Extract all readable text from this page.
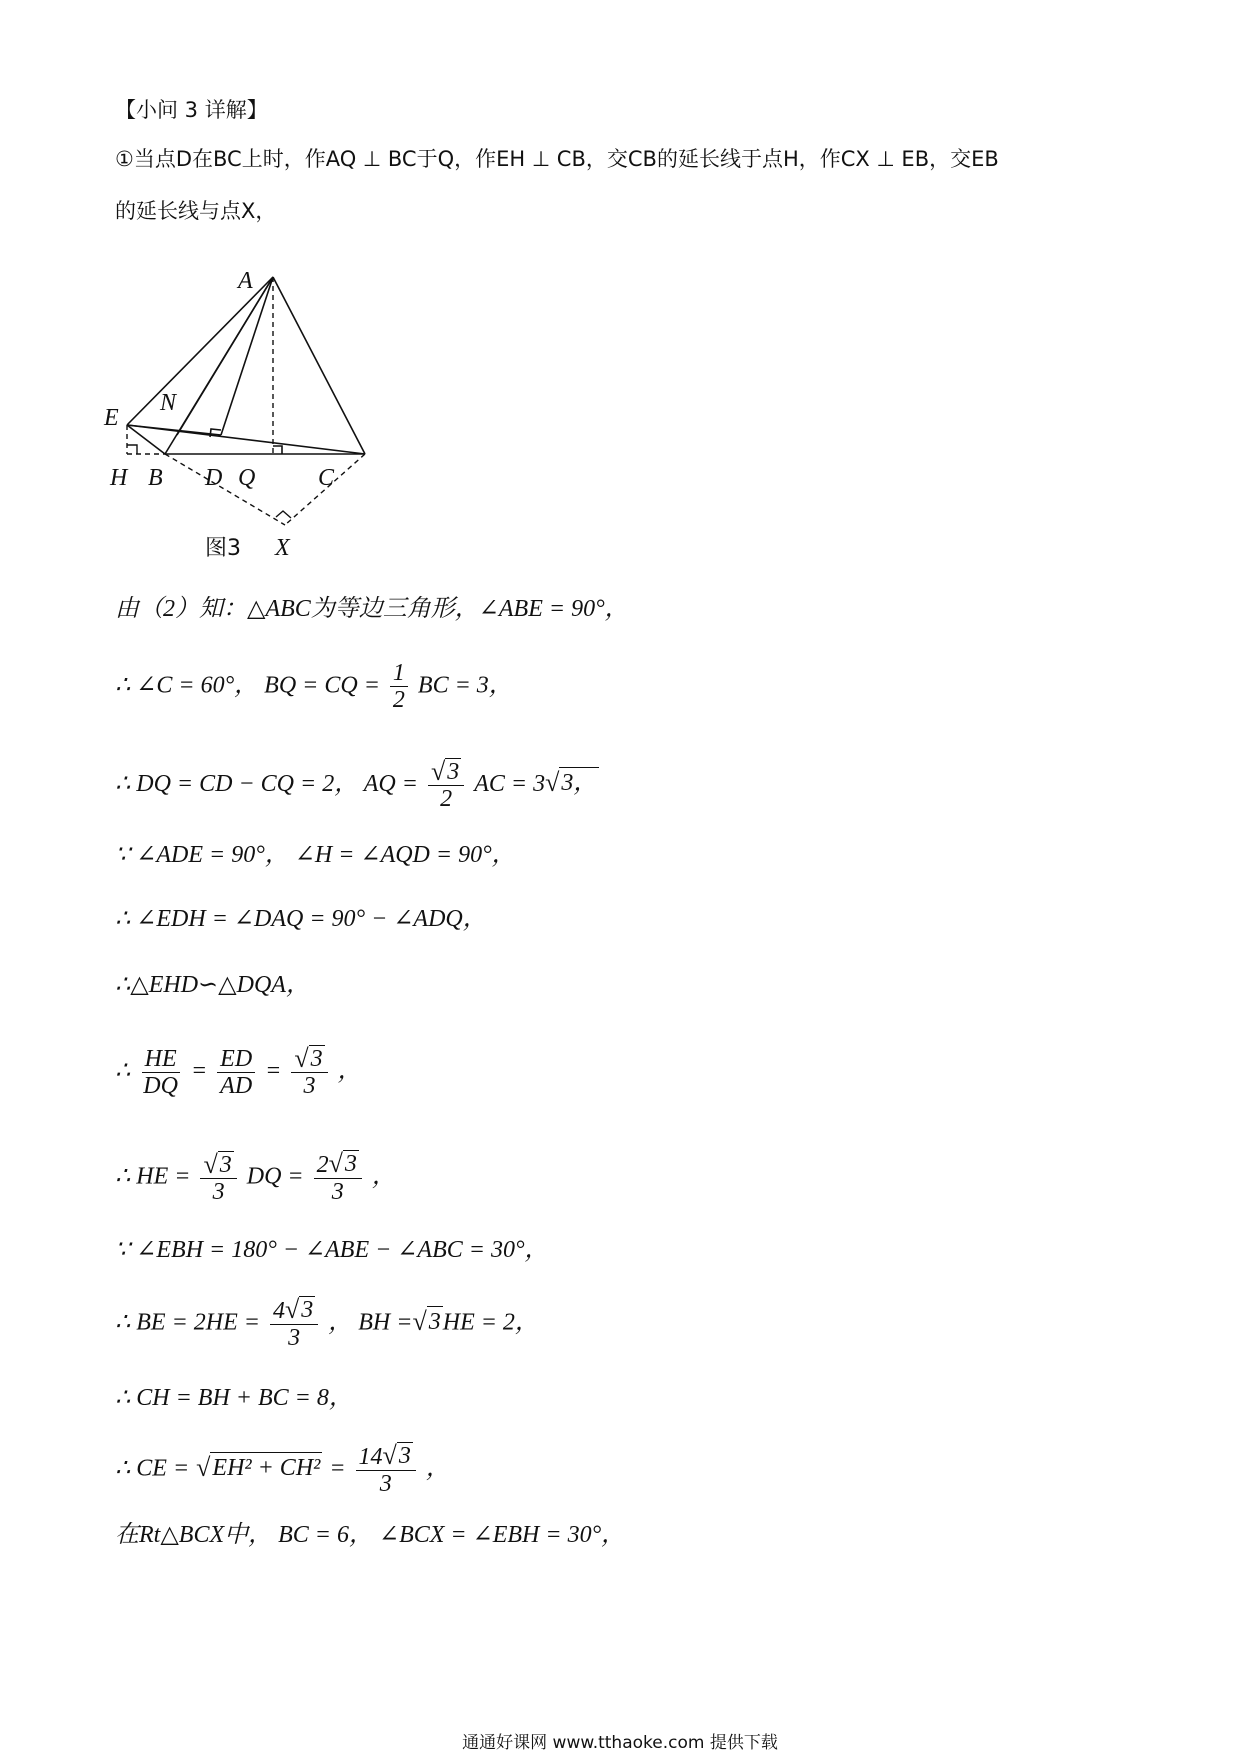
【小问 3 详解】
①当点D在BC上时，作AQ ⊥ BC于Q，作EH ⊥ CB，交CB的延长线于点H，作CX ⊥ EB，交EB
的延长线与点X，
A
E
N
H B D Q	C
X
图3
由（2）知：△ABC为等边三角形，∠ABE = 90°，
∴ ∠C = 60°， BQ = CQ = $\frac{1}{2}$ BC = 3，
∴ DQ = CD − CQ = 2， AQ = $\frac{√ 3}{2}$ AC = 3 √ 3，
∵ ∠ADE = 90°， ∠H = ∠AQD = 90°，
∴ ∠EDH = ∠DAQ = 90° − ∠ADQ，
∴△EHD∽△DQA，
∴ $\frac{HE}{DQ} = \frac{ED}{AD} = \frac{√ 3}{3}$ ，
∴ HE = $\frac{√ 3}{3}$ DQ = $\frac{2 √ 3}{3}$ ，
∵ ∠EBH = 180° − ∠ABE − ∠ABC = 30°，
∴ BE = $2HE = \frac{4 √ 3}{3}$ ， BH = √ 3 HE = 2，
∴ CH = BH + BC = 8，
∴ CE = √ $EH^2 + CH^2 = \frac{14 √ 3}{3}$ ，
在Rt△BCX中， BC = 6， ∠BCX = ∠EBH = 30°，
通通好课网 www.tthaoke.com 提供下载
